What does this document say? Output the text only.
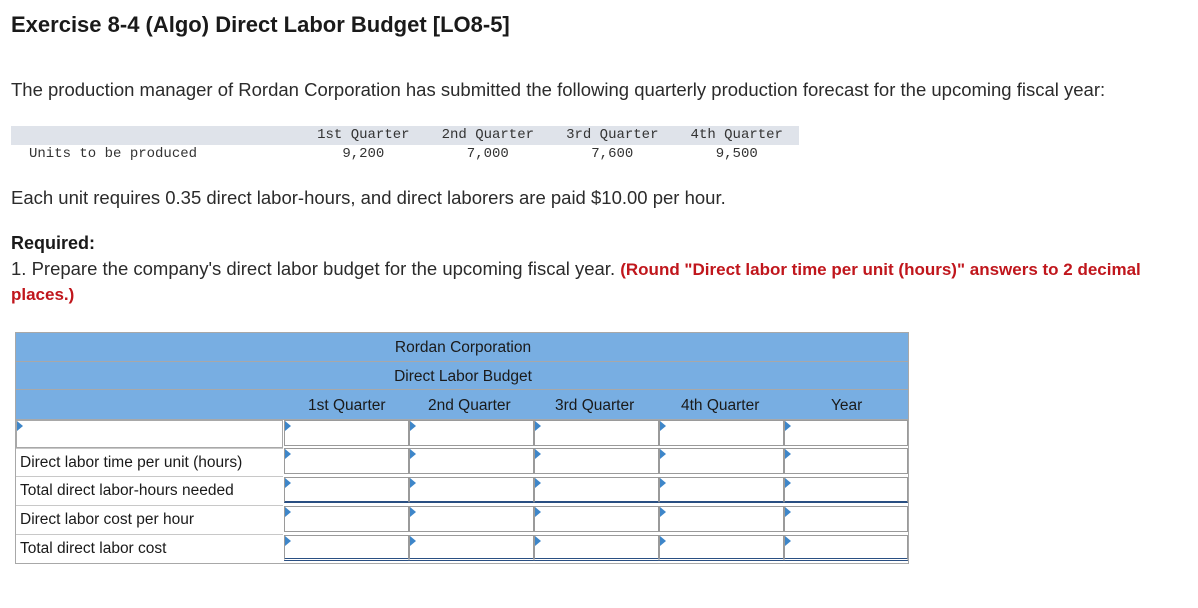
Exercise 8-4 (Algo) Direct Labor Budget [LO8-5]
The production manager of Rordan Corporation has submitted the following quarterly production forecast for the upcoming fiscal year:
	1st Quarter	2nd Quarter	3rd Quarter	4th Quarter
Units to be produced	9,200	7,000	7,600	9,500
Each unit requires 0.35 direct labor-hours, and direct laborers are paid $10.00 per hour.
Required:
1. Prepare the company's direct labor budget for the upcoming fiscal year. (Round "Direct labor time per unit (hours)" answers to 2 decimal places.)
Rordan Corporation
Direct Labor Budget
1st Quarter	2nd Quarter	3rd Quarter	4th Quarter	Year
Direct labor time per unit (hours)
Total direct labor-hours needed
Direct labor cost per hour
Total direct labor cost
